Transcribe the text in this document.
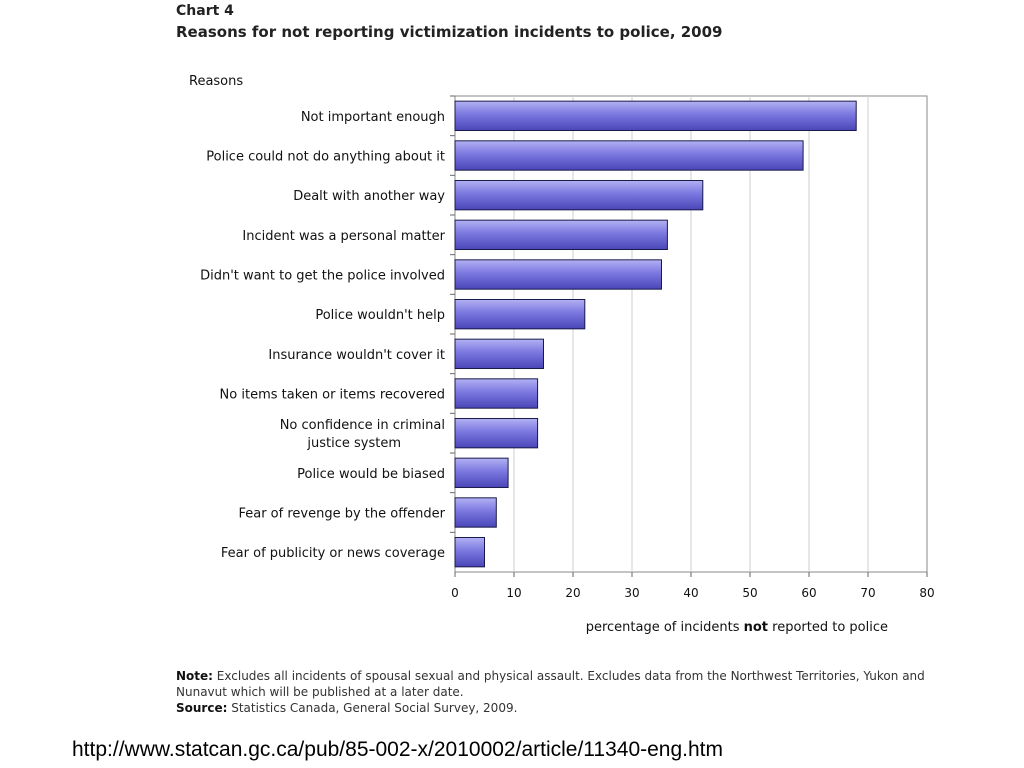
Chart 4
Reasons for not reporting victimization incidents to police, 2009
Reasons
Not important enough
Police could not do anything about it
Dealt with another way
Incident was a personal matter
Didn't want to get the police involved
Police wouldn't help
Insurance wouldn't cover it
No items taken or items recovered
No confidence in criminal justice system
Police would be biased
Fear of revenge by the offender
Fear of publicity or news coverage
0	10	20	30	40	50	60	70	80
percentage of incidents not reported to police
Note: Excludes all incidents of spousal sexual and physical assault. Excludes data from the Northwest Territories, Yukon and Nunavut which will be published at a later date.
Source: Statistics Canada, General Social Survey, 2009.
http://www.statcan.gc.ca/pub/85-002-x/2010002/article/11340-eng.htm
